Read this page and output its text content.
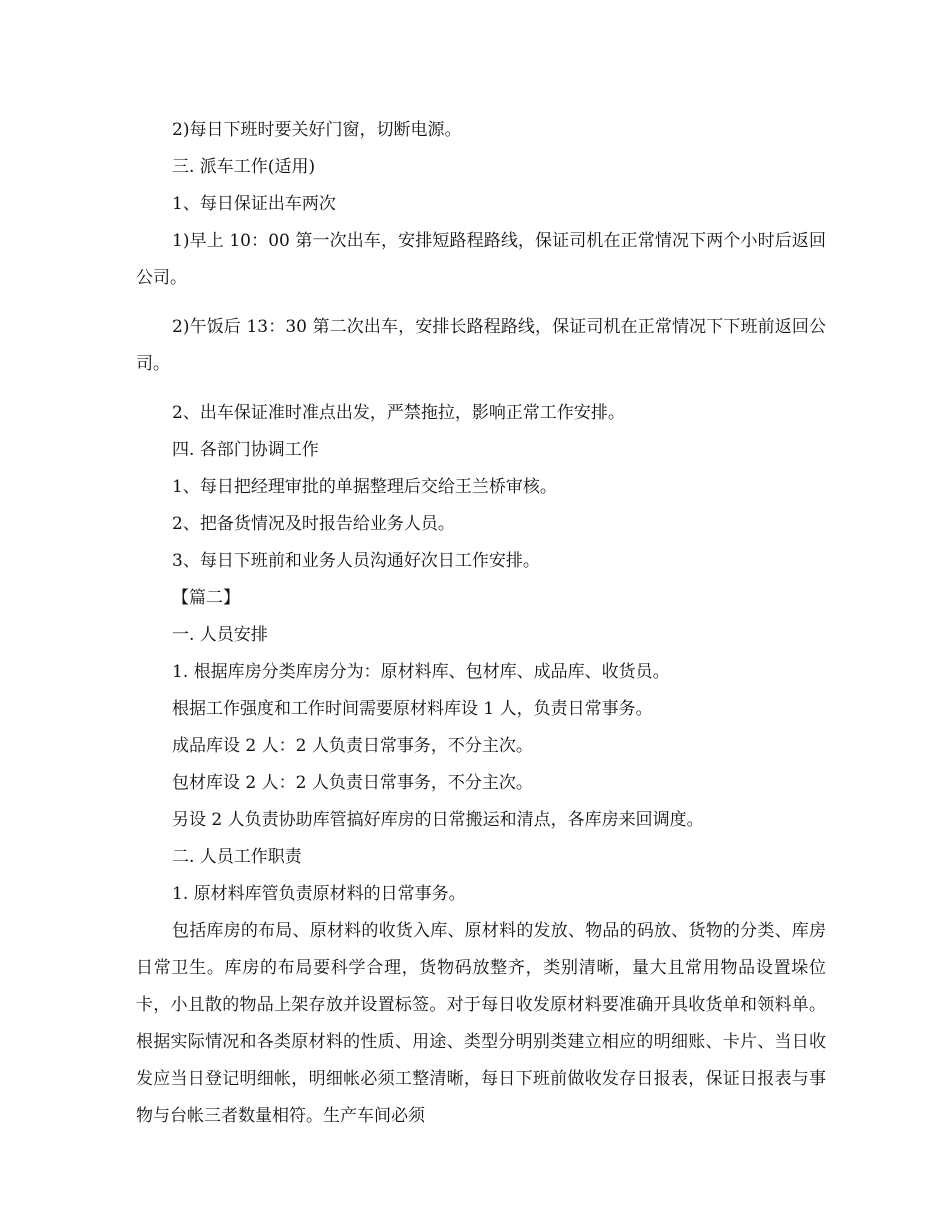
2)每日下班时要关好门窗，切断电源。

三. 派车工作(适用)

1、每日保证出车两次

1)早上 10：00 第一次出车，安排短路程路线，保证司机在正常情况下两个小时后返回公司。

2)午饭后 13：30 第二次出车，安排长路程路线，保证司机在正常情况下下班前返回公司。

2、出车保证准时准点出发，严禁拖拉，影响正常工作安排。

四. 各部门协调工作

1、每日把经理审批的单据整理后交给王兰桥审核。

2、把备货情况及时报告给业务人员。

3、每日下班前和业务人员沟通好次日工作安排。

【篇二】

一. 人员安排

1. 根据库房分类库房分为：原材料库、包材库、成品库、收货员。

根据工作强度和工作时间需要原材料库设 1 人，负责日常事务。

成品库设 2 人：2 人负责日常事务，不分主次。

包材库设 2 人：2 人负责日常事务，不分主次。

另设 2 人负责协助库管搞好库房的日常搬运和清点，各库房来回调度。

二. 人员工作职责

1. 原材料库管负责原材料的日常事务。

包括库房的布局、原材料的收货入库、原材料的发放、物品的码放、货物的分类、库房日常卫生。库房的布局要科学合理，货物码放整齐，类别清晰，量大且常用物品设置垛位卡，小且散的物品上架存放并设置标签。对于每日收发原材料要准确开具收货单和领料单。根据实际情况和各类原材料的性质、用途、类型分明别类建立相应的明细账、卡片、当日收发应当日登记明细帐，明细帐必须工整清晰，每日下班前做收发存日报表，保证日报表与事物与台帐三者数量相符。生产车间必须
